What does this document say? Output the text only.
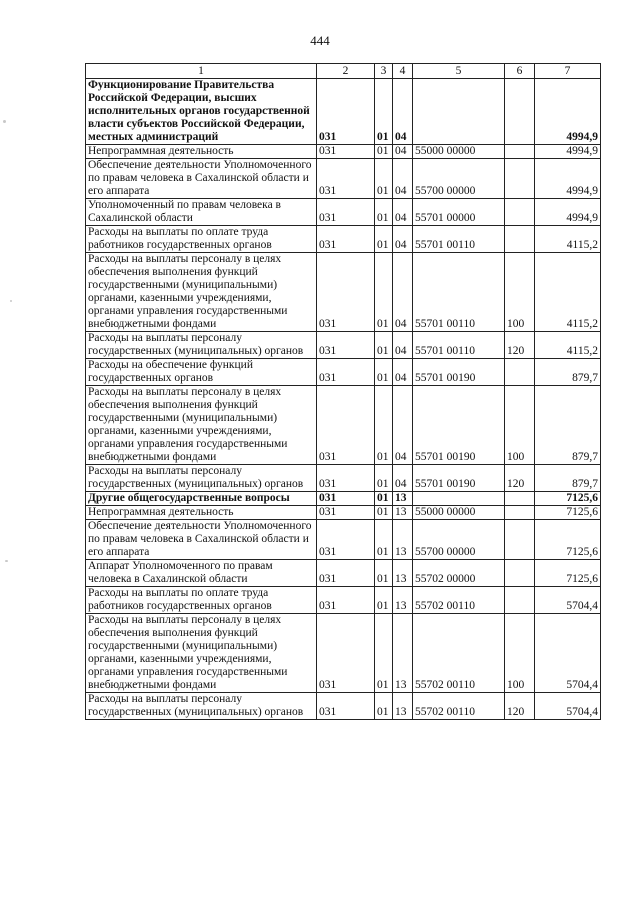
444
1	2	3	4	5	6	7
Функционирование Правительства Российской Федерации, высших исполнительных органов государственной власти субъектов Российской Федерации, местных администраций	031	01	04			4994,9
Непрограммная деятельность	031	01	04	55000 00000		4994,9
Обеспечение деятельности Уполномоченного по правам человека в Сахалинской области и его аппарата	031	01	04	55700 00000		4994,9
Уполномоченный по правам человека в Сахалинской области	031	01	04	55701 00000		4994,9
Расходы на выплаты по оплате труда работников государственных органов	031	01	04	55701 00110		4115,2
Расходы на выплаты персоналу в целях обеспечения выполнения функций государственными (муниципальными) органами, казенными учреждениями, органами управления государственными внебюджетными фондами	031	01	04	55701 00110	100	4115,2
Расходы на выплаты персоналу государственных (муниципальных) органов	031	01	04	55701 00110	120	4115,2
Расходы на обеспечение функций государственных органов	031	01	04	55701 00190		879,7
Расходы на выплаты персоналу в целях обеспечения выполнения функций государственными (муниципальными) органами, казенными учреждениями, органами управления государственными внебюджетными фондами	031	01	04	55701 00190	100	879,7
Расходы на выплаты персоналу государственных (муниципальных) органов	031	01	04	55701 00190	120	879,7
Другие общегосударственные вопросы	031	01	13			7125,6
Непрограммная деятельность	031	01	13	55000 00000		7125,6
Обеспечение деятельности Уполномоченного по правам человека в Сахалинской области и его аппарата	031	01	13	55700 00000		7125,6
Аппарат Уполномоченного по правам человека в Сахалинской области	031	01	13	55702 00000		7125,6
Расходы на выплаты по оплате труда работников государственных органов	031	01	13	55702 00110		5704,4
Расходы на выплаты персоналу в целях обеспечения выполнения функций государственными (муниципальными) органами, казенными учреждениями, органами управления государственными внебюджетными фондами	031	01	13	55702 00110	100	5704,4
Расходы на выплаты персоналу государственных (муниципальных) органов	031	01	13	55702 00110	120	5704,4
